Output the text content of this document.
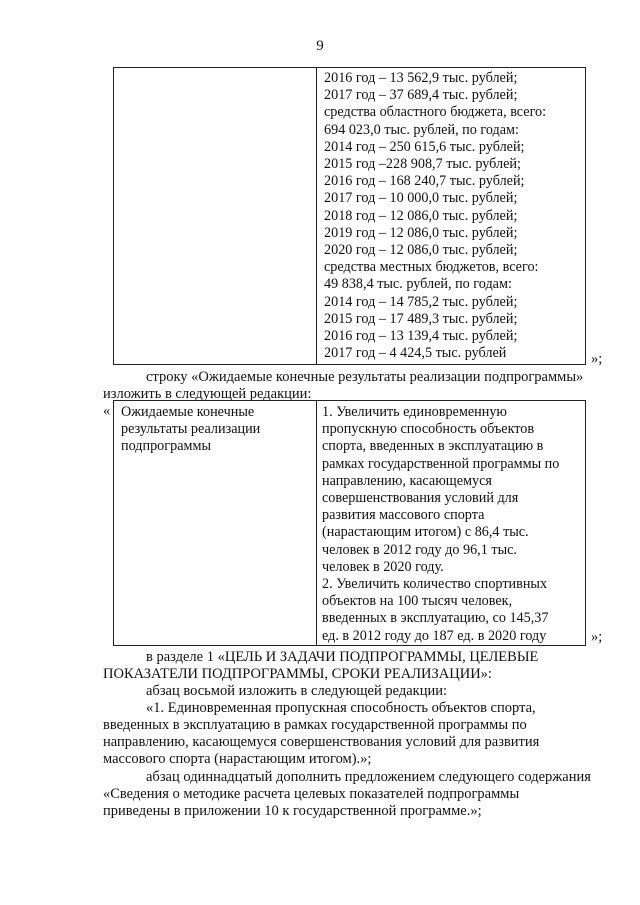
9
2016 год – 13 562,9 тыс. рублей;
2017 год – 37 689,4 тыс. рублей;
средства областного бюджета, всего:
694 023,0 тыс. рублей, по годам:
2014 год – 250 615,6 тыс. рублей;
2015 год –228 908,7 тыс. рублей;
2016 год – 168 240,7 тыс. рублей;
2017 год – 10 000,0 тыс. рублей;
2018 год – 12 086,0 тыс. рублей;
2019 год – 12 086,0 тыс. рублей;
2020 год – 12 086,0 тыс. рублей;
средства местных бюджетов, всего:
49 838,4 тыс. рублей, по годам:
2014 год – 14 785,2 тыс. рублей;
2015 год – 17 489,3 тыс. рублей;
2016 год – 13 139,4 тыс. рублей;
2017 год – 4 424,5 тыс. рублей	»;
строку «Ожидаемые конечные результаты реализации подпрограммы»
изложить в следующей редакции:
« Ожидаемые конечные результаты реализации подпрограммы
1. Увеличить единовременную
пропускную способность объектов
спорта, введенных в эксплуатацию в
рамках государственной программы по
направлению, касающемуся
совершенствования условий для
развития массового спорта
(нарастающим итогом) с 86,4 тыс.
человек в 2012 году до 96,1 тыс.
человек в 2020 году.
2. Увеличить количество спортивных
объектов на 100 тысяч человек,
введенных в эксплуатацию, со 145,37
ед. в 2012 году до 187 ед. в 2020 году	»;
в разделе 1 «ЦЕЛЬ И ЗАДАЧИ ПОДПРОГРАММЫ, ЦЕЛЕВЫЕ
ПОКАЗАТЕЛИ ПОДПРОГРАММЫ, СРОКИ РЕАЛИЗАЦИИ»:
абзац восьмой изложить в следующей редакции:
«1. Единовременная пропускная способность объектов спорта,
введенных в эксплуатацию в рамках государственной программы по
направлению, касающемуся совершенствования условий для развития
массового спорта (нарастающим итогом).»;
абзац одиннадцатый дополнить предложением следующего содержания
«Сведения о методике расчета целевых показателей подпрограммы
приведены в приложении 10 к государственной программе.»;
